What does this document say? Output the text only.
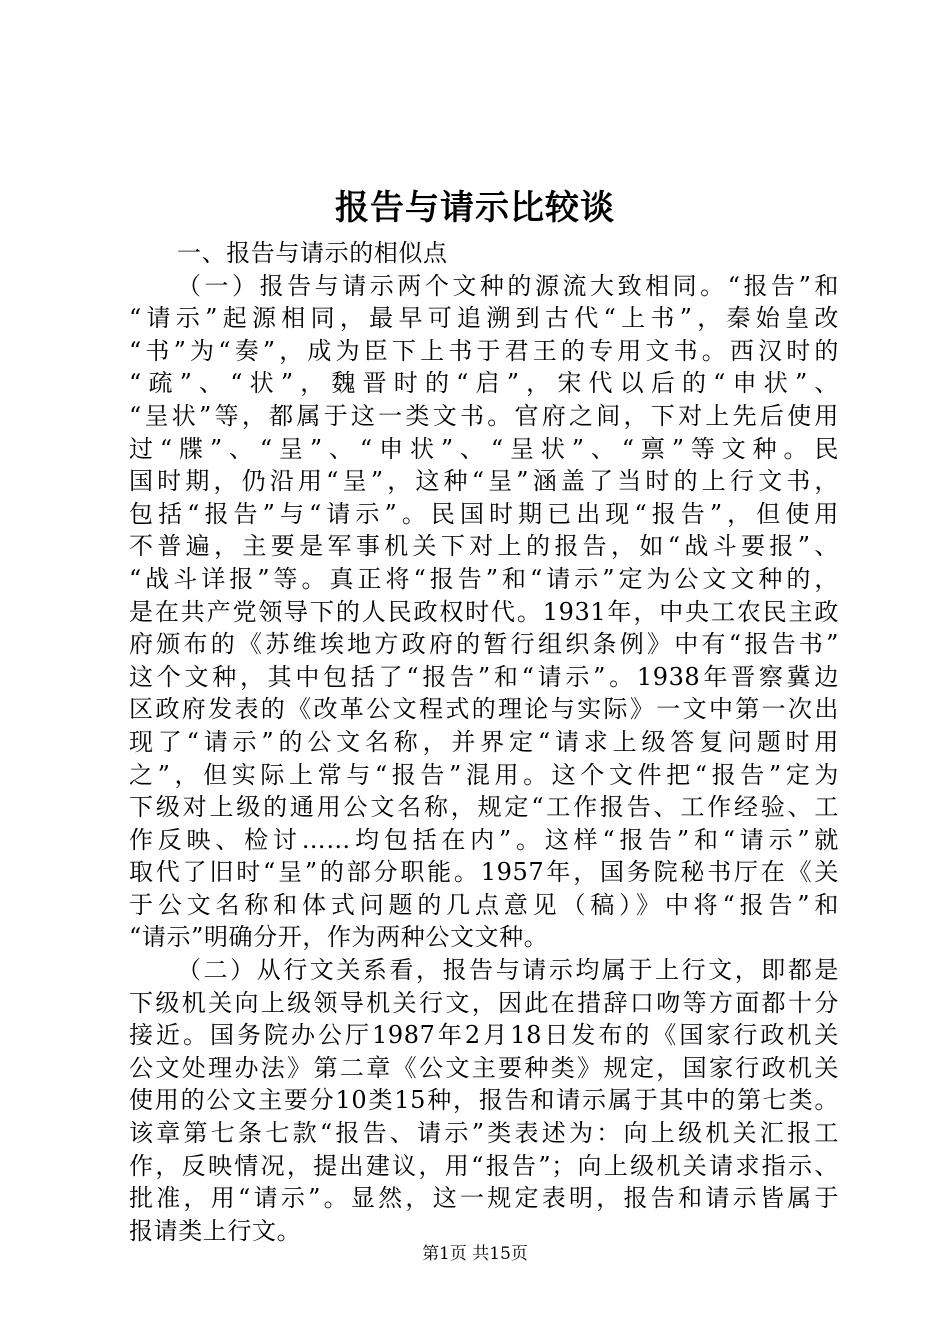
报告与请示比较谈
一、报告与请示的相似点
（一）报告与请示两个文种的源流大致相同。“报告”和
“请示”起源相同，最早可追溯到古代“上书”，秦始皇改
“书”为“奏”，成为臣下上书于君王的专用文书。西汉时的
“疏”、“状”，魏晋时的“启”，宋代以后的“申状”、
“呈状”等，都属于这一类文书。官府之间，下对上先后使用
过“牒”、“呈”、“申状”、“呈状”、“禀”等文种。民
国时期，仍沿用“呈”，这种“呈”涵盖了当时的上行文书，
包括“报告”与“请示”。民国时期已出现“报告”，但使用
不普遍，主要是军事机关下对上的报告，如“战斗要报”、
“战斗详报”等。真正将“报告”和“请示”定为公文文种的，
是在共产党领导下的人民政权时代。1931年，中央工农民主政
府颁布的《苏维埃地方政府的暂行组织条例》中有“报告书”
这个文种，其中包括了“报告”和“请示”。1938年晋察冀边
区政府发表的《改革公文程式的理论与实际》一文中第一次出
现了“请示”的公文名称，并界定“请求上级答复问题时用
之”，但实际上常与“报告”混用。这个文件把“报告”定为
下级对上级的通用公文名称，规定“工作报告、工作经验、工
作反映、检讨……均包括在内”。这样“报告”和“请示”就
取代了旧时“呈”的部分职能。1957年，国务院秘书厅在《关
于公文名称和体式问题的几点意见（稿）》中将“报告”和
“请示”明确分开，作为两种公文文种。
（二）从行文关系看，报告与请示均属于上行文，即都是
下级机关向上级领导机关行文，因此在措辞口吻等方面都十分
接近。国务院办公厅1987年2月18日发布的《国家行政机关
公文处理办法》第二章《公文主要种类》规定，国家行政机关
使用的公文主要分10类15种，报告和请示属于其中的第七类。
该章第七条七款“报告、请示”类表述为：向上级机关汇报工
作，反映情况，提出建议，用“报告”；向上级机关请求指示、
批准，用“请示”。显然，这一规定表明，报告和请示皆属于
报请类上行文。
第1页 共15页
